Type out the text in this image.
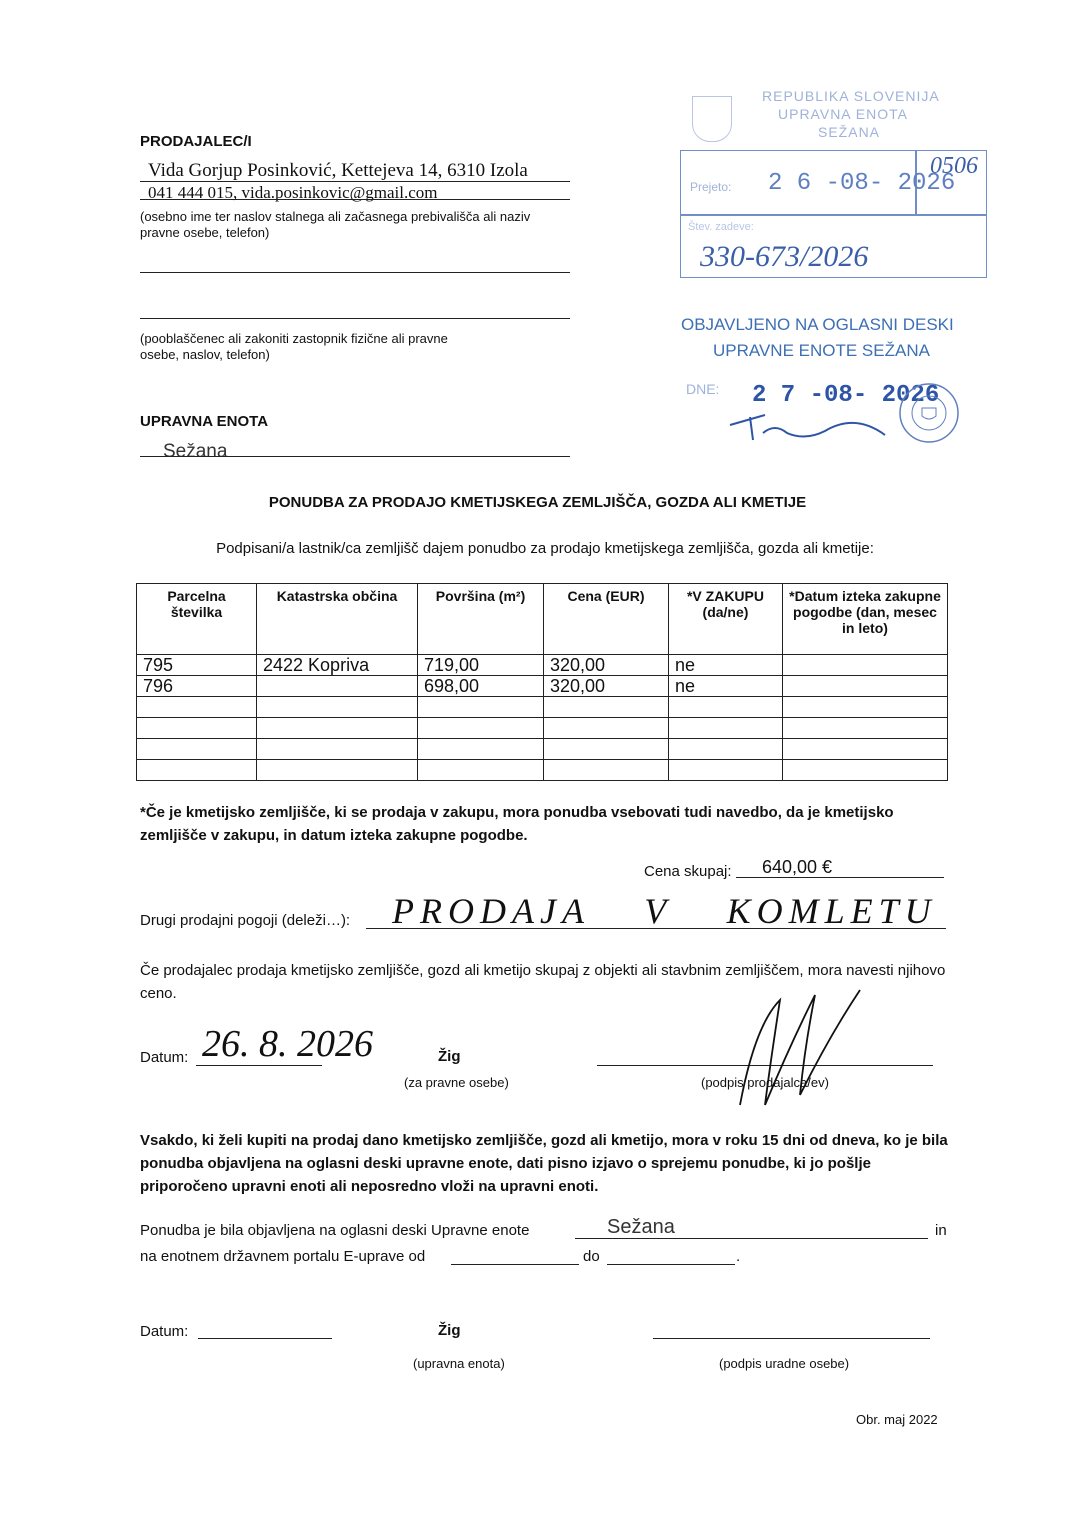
PRODAJALEC/I
Vida Gorjup Posinković, Kettejeva 14, 6310 Izola
041 444 015, vida.posinkovic@gmail.com
(osebno ime ter naslov stalnega ali začasnega prebivališča ali naziv pravne osebe, telefon)
(pooblaščenec ali zakoniti zastopnik fizične ali pravne osebe, naslov, telefon)
UPRAVNA ENOTA
Sežana
REPUBLIKA SLOVENIJA
UPRAVNA ENOTA
SEŽANA
Prejeto: 2 6 -08- 2026
0506
Štev. zadeve:
330-673/2026
OBJAVLJENO NA OGLASNI DESKI
UPRAVNE ENOTE SEŽANA
DNE: 2 7 -08- 2026
PONUDBA ZA PRODAJO KMETIJSKEGA ZEMLJIŠČA, GOZDA ALI KMETIJE
Podpisani/a lastnik/ca zemljišč dajem ponudbo za prodajo kmetijskega zemljišča, gozda ali kmetije:
Parcelna številka	Katastrska občina	Površina (m²)	Cena (EUR)	*V ZAKUPU (da/ne)	*Datum izteka zakupne pogodbe (dan, mesec in leto)
795	2422 Kopriva	719,00	320,00	ne	
796		698,00	320,00	ne	

*Če je kmetijsko zemljišče, ki se prodaja v zakupu, mora ponudba vsebovati tudi navedbo, da je kmetijsko zemljišče v zakupu, in datum izteka zakupne pogodbe.
Cena skupaj: 640,00 €
Drugi prodajni pogoji (deleži…): PRODAJA V KOMLETU
Če prodajalec prodaja kmetijsko zemljišče, gozd ali kmetijo skupaj z objekti ali stavbnim zemljiščem, mora navesti njihovo ceno.
Datum: 26. 8. 2026	Žig
(za pravne osebe)	(podpis prodajalca/ev)
Vsakdo, ki želi kupiti na prodaj dano kmetijsko zemljišče, gozd ali kmetijo, mora v roku 15 dni od dneva, ko je bila ponudba objavljena na oglasni deski upravne enote, dati pisno izjavo o sprejemu ponudbe, ki jo pošlje priporočeno upravni enoti ali neposredno vloži na upravni enoti.
Ponudba je bila objavljena na oglasni deski Upravne enote	Sežana	in
na enotnem državnem portalu E-uprave od	do	.
Datum:	Žig
(upravna enota)	(podpis uradne osebe)
Obr. maj 2022
